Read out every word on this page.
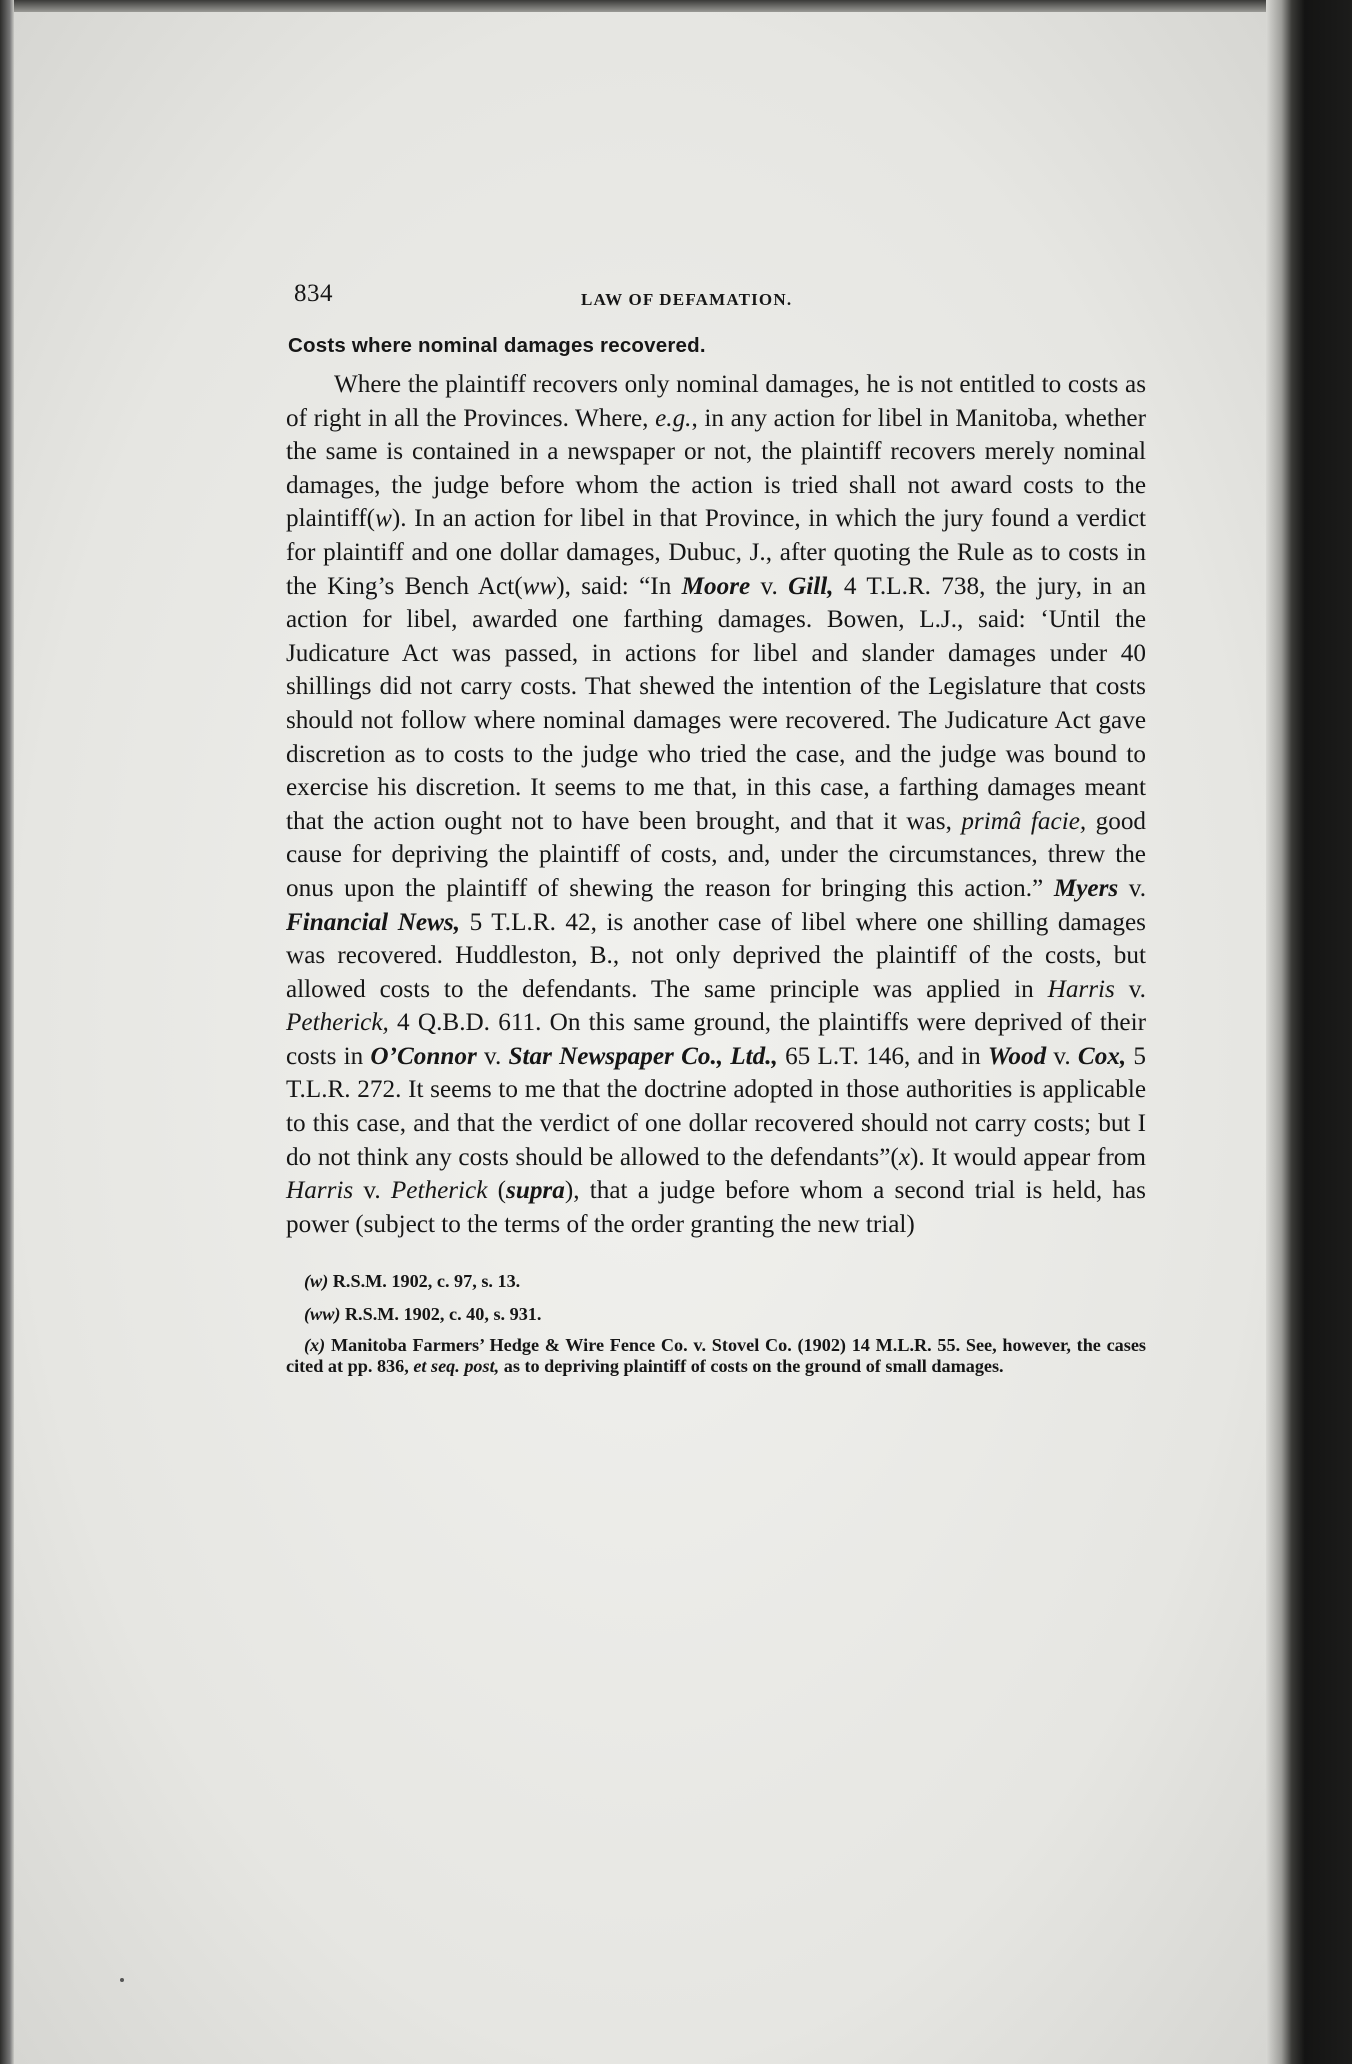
834	LAW OF DEFAMATION.
Costs where nominal damages recovered.

Where the plaintiff recovers only nominal damages, he is not entitled to costs as of right in all the Provinces. Where, e.g., in any action for libel in Manitoba, whether the same is contained in a newspaper or not, the plaintiff recovers merely nominal damages, the judge before whom the action is tried shall not award costs to the plaintiff(w). In an action for libel in that Province, in which the jury found a verdict for plaintiff and one dollar damages, Dubuc, J., after quoting the Rule as to costs in the King’s Bench Act(ww), said: “In Moore v. Gill, 4 T.L.R. 738, the jury, in an action for libel, awarded one farthing damages. Bowen, L.J., said: ‘Until the Judicature Act was passed, in actions for libel and slander damages under 40 shillings did not carry costs. That shewed the intention of the Legislature that costs should not follow where nominal damages were recovered. The Judicature Act gave discretion as to costs to the judge who tried the case, and the judge was bound to exercise his discretion. It seems to me that, in this case, a farthing damages meant that the action ought not to have been brought, and that it was, primâ facie, good cause for depriving the plaintiff of costs, and, under the circumstances, threw the onus upon the plaintiff of shewing the reason for bringing this action.” Myers v. Financial News, 5 T.L.R. 42, is another case of libel where one shilling damages was recovered. Huddleston, B., not only deprived the plaintiff of the costs, but allowed costs to the defendants. The same principle was applied in Harris v. Petherick, 4 Q.B.D. 611. On this same ground, the plaintiffs were deprived of their costs in O’Connor v. Star Newspaper Co., Ltd., 65 L.T. 146, and in Wood v. Cox, 5 T.L.R. 272. It seems to me that the doctrine adopted in those authorities is applicable to this case, and that the verdict of one dollar recovered should not carry costs; but I do not think any costs should be allowed to the defendants”(x). It would appear from Harris v. Petherick (supra), that a judge before whom a second trial is held, has power (subject to the terms of the order granting the new trial)

(w) R.S.M. 1902, c. 97, s. 13.
(ww) R.S.M. 1902, c. 40, s. 931.
(x) Manitoba Farmers’ Hedge & Wire Fence Co. v. Stovel Co. (1902) 14 M.L.R. 55. See, however, the cases cited at pp. 836, et seq. post, as to depriving plaintiff of costs on the ground of small damages.
